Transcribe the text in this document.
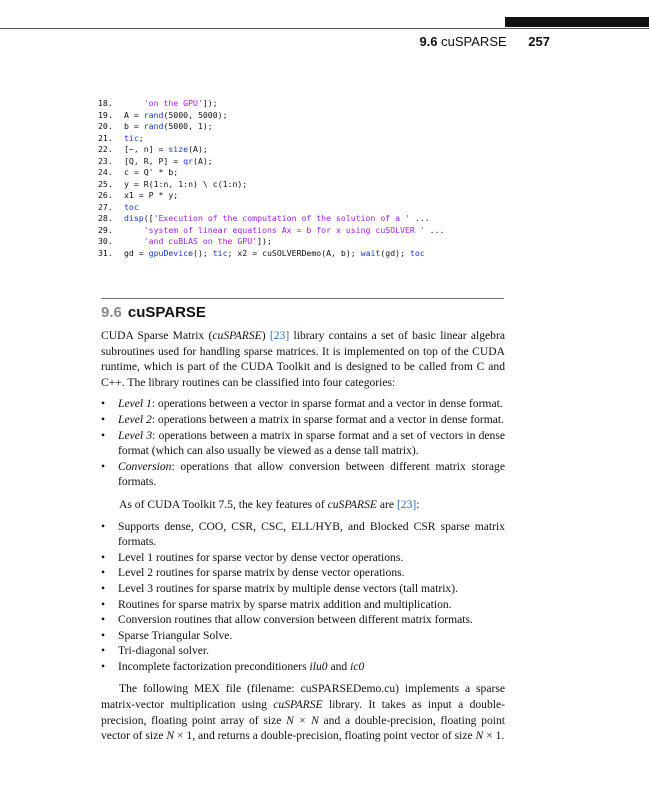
9.6 cuSPARSE 257
18.	'on the GPU']);
19. A = rand(5000, 5000);
20. b = rand(5000, 1);
21. tic;
22. [~, n] = size(A);
23. [Q, R, P] = qr(A);
24. c = Q' * b;
25. y = R(1:n, 1:n) \ c(1:n);
26. x1 = P * y;
27. toc
28. disp(['Execution of the computation of the solution of a ' ...
29.	'system of linear equations Ax = b for x using cuSOLVER ' ...
30.	'and cuBLAS on the GPU']);
31. gd = gpuDevice(); tic; x2 = cuSOLVERDemo(A, b); wait(gd); toc
9.6 cuSPARSE

CUDA Sparse Matrix (cuSPARSE) [23] library contains a set of basic linear algebra subroutines used for handling sparse matrices. It is implemented on top of the CUDA runtime, which is part of the CUDA Toolkit and is designed to be called from C and C++. The library routines can be classified into four categories:

• Level 1: operations between a vector in sparse format and a vector in dense format.
• Level 2: operations between a matrix in sparse format and a vector in dense format.
• Level 3: operations between a matrix in sparse format and a set of vectors in dense format (which can also usually be viewed as a dense tall matrix).
• Conversion: operations that allow conversion between different matrix storage formats.

As of CUDA Toolkit 7.5, the key features of cuSPARSE are [23]:

• Supports dense, COO, CSR, CSC, ELL/HYB, and Blocked CSR sparse matrix formats.
• Level 1 routines for sparse vector by dense vector operations.
• Level 2 routines for sparse matrix by dense vector operations.
• Level 3 routines for sparse matrix by multiple dense vectors (tall matrix).
• Routines for sparse matrix by sparse matrix addition and multiplication.
• Conversion routines that allow conversion between different matrix formats.
• Sparse Triangular Solve.
• Tri-diagonal solver.
• Incomplete factorization preconditioners ilu0 and ic0

The following MEX file (filename: cuSPARSEDemo.cu) implements a sparse matrix-vector multiplication using cuSPARSE library. It takes as input a double-precision, floating point array of size N × N and a double-precision, floating point vector of size N × 1, and returns a double-precision, floating point vector of size N × 1.
